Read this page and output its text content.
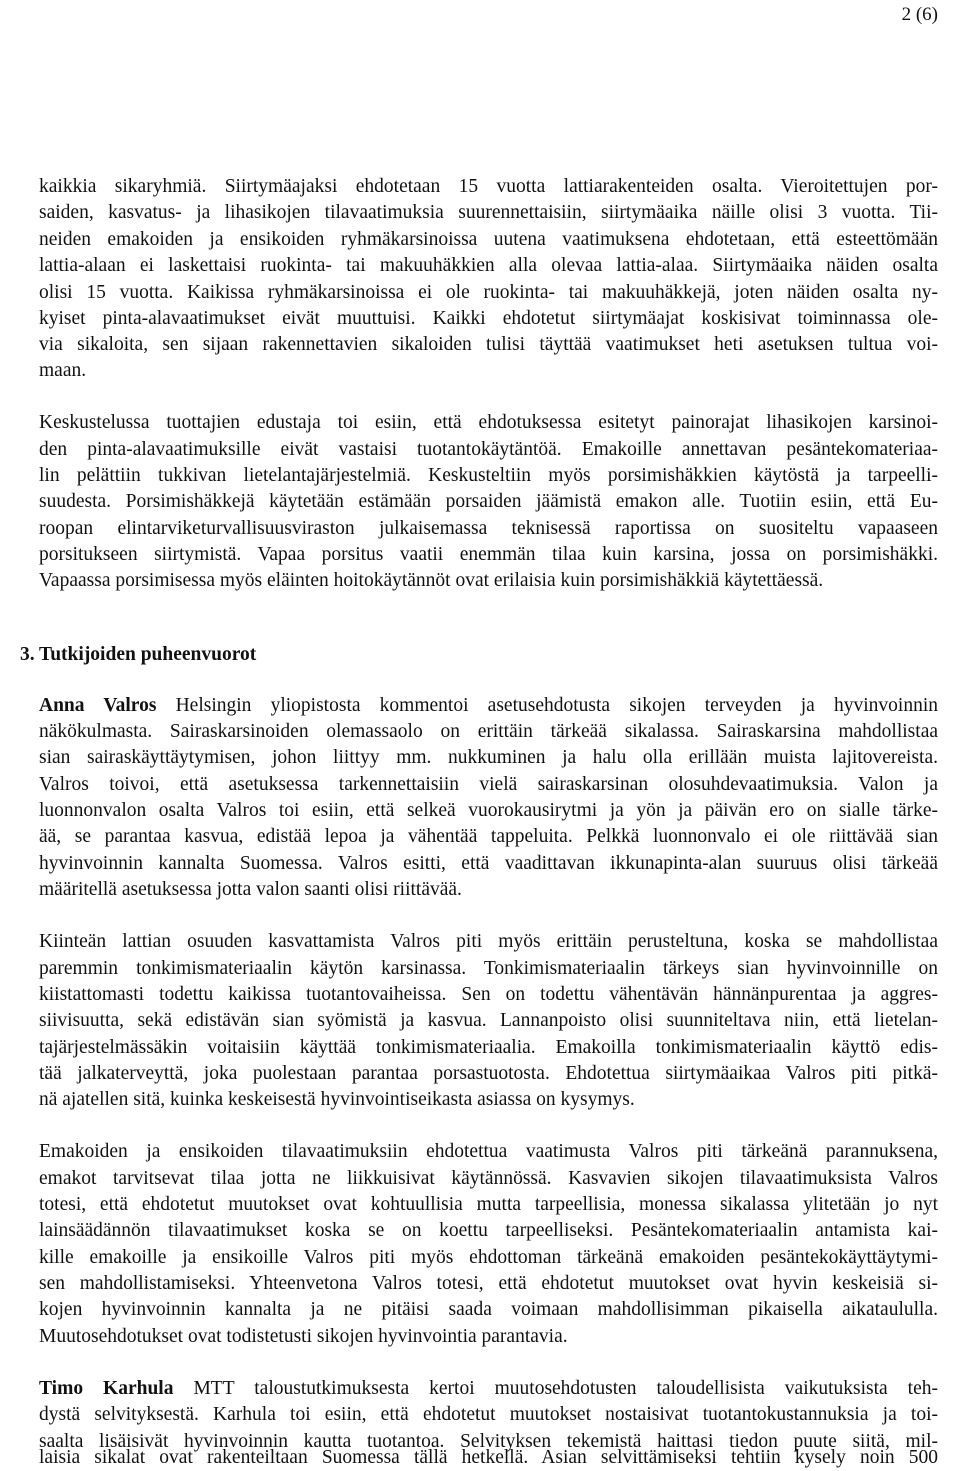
2 (6)
kaikkia sikaryhmiä. Siirtymäajaksi ehdotetaan 15 vuotta lattiarakenteiden osalta. Vieroitettujen por-
saiden, kasvatus- ja lihasikojen tilavaatimuksia suurennettaisiin, siirtymäaika näille olisi 3 vuotta. Tii-
neiden emakoiden ja ensikoiden ryhmäkarsinoissa uutena vaatimuksena ehdotetaan, että esteettömään
lattia-alaan ei laskettaisi ruokinta- tai makuuhäkkien alla olevaa lattia-alaa. Siirtymäaika näiden osalta
olisi 15 vuotta. Kaikissa ryhmäkarsinoissa ei ole ruokinta- tai makuuhäkkejä, joten näiden osalta ny-
kyiset pinta-alavaatimukset eivät muuttuisi. Kaikki ehdotetut siirtymäajat koskisivat toiminnassa ole-
via sikaloita, sen sijaan rakennettavien sikaloiden tulisi täyttää vaatimukset heti asetuksen tultua voi-
maan.
Keskustelussa tuottajien edustaja toi esiin, että ehdotuksessa esitetyt painorajat lihasikojen karsinoi-
den pinta-alavaatimuksille eivät vastaisi tuotantokäytäntöä. Emakoille annettavan pesäntekomateriaa-
lin pelättiin tukkivan lietelantajärjestelmiä. Keskusteltiin myös porsimishäkkien käytöstä ja tarpeelli-
suudesta. Porsimishäkkejä käytetään estämään porsaiden jäämistä emakon alle. Tuotiin esiin, että Eu-
roopan elintarviketurvallisuusviraston julkaisemassa teknisessä raportissa on suositeltu vapaaseen
porsitukseen siirtymistä. Vapaa porsitus vaatii enemmän tilaa kuin karsina, jossa on porsimishäkki.
Vapaassa porsimisessa myös eläinten hoitokäytännöt ovat erilaisia kuin porsimishäkkiä käytettäessä.
3. Tutkijoiden puheenvuorot
Anna Valros Helsingin yliopistosta kommentoi asetusehdotusta sikojen terveyden ja hyvinvoinnin
näkökulmasta. Sairaskarsinoiden olemassaolo on erittäin tärkeää sikalassa. Sairaskarsina mahdollistaa
sian sairaskäyttäytymisen, johon liittyy mm. nukkuminen ja halu olla erillään muista lajitovereista.
Valros toivoi, että asetuksessa tarkennettaisiin vielä sairaskarsinan olosuhdevaatimuksia. Valon ja
luonnonvalon osalta Valros toi esiin, että selkeä vuorokausirytmi ja yön ja päivän ero on sialle tärke-
ää, se parantaa kasvua, edistää lepoa ja vähentää tappeluita. Pelkkä luonnonvalo ei ole riittävää sian
hyvinvoinnin kannalta Suomessa. Valros esitti, että vaadittavan ikkunapinta-alan suuruus olisi tärkeää
määritellä asetuksessa jotta valon saanti olisi riittävää.
Kiinteän lattian osuuden kasvattamista Valros piti myös erittäin perusteltuna, koska se mahdollistaa
paremmin tonkimismateriaalin käytön karsinassa. Tonkimismateriaalin tärkeys sian hyvinvoinnille on
kiistattomasti todettu kaikissa tuotantovaiheissa. Sen on todettu vähentävän hännänpurentaa ja aggres-
siivisuutta, sekä edistävän sian syömistä ja kasvua. Lannanpoisto olisi suunniteltava niin, että lietelan-
tajärjestelmässäkin voitaisiin käyttää tonkimismateriaalia. Emakoilla tonkimismateriaalin käyttö edis-
tää jalkaterveyttä, joka puolestaan parantaa porsastuotosta. Ehdotettua siirtymäaikaa Valros piti pitkä-
nä ajatellen sitä, kuinka keskeisestä hyvinvointiseikasta asiassa on kysymys.
Emakoiden ja ensikoiden tilavaatimuksiin ehdotettua vaatimusta Valros piti tärkeänä parannuksena,
emakot tarvitsevat tilaa jotta ne liikkuisivat käytännössä. Kasvavien sikojen tilavaatimuksista Valros
totesi, että ehdotetut muutokset ovat kohtuullisia mutta tarpeellisia, monessa sikalassa ylitetään jo nyt
lainsäädännön tilavaatimukset koska se on koettu tarpeelliseksi. Pesäntekomateriaalin antamista kai-
kille emakoille ja ensikoille Valros piti myös ehdottoman tärkeänä emakoiden pesäntekokäyttäytymi-
sen mahdollistamiseksi. Yhteenvetona Valros totesi, että ehdotetut muutokset ovat hyvin keskeisiä si-
kojen hyvinvoinnin kannalta ja ne pitäisi saada voimaan mahdollisimman pikaisella aikataululla.
Muutosehdotukset ovat todistetusti sikojen hyvinvointia parantavia.
Timo Karhula MTT taloustutkimuksesta kertoi muutosehdotusten taloudellisista vaikutuksista teh-
dystä selvityksestä. Karhula toi esiin, että ehdotetut muutokset nostaisivat tuotantokustannuksia ja toi-
saalta lisäisivät hyvinvoinnin kautta tuotantoa. Selvityksen tekemistä haittasi tiedon puute siitä, mil-
laisia sikalat ovat rakenteiltaan Suomessa tällä hetkellä. Asian selvittämiseksi tehtiin kysely noin 500
